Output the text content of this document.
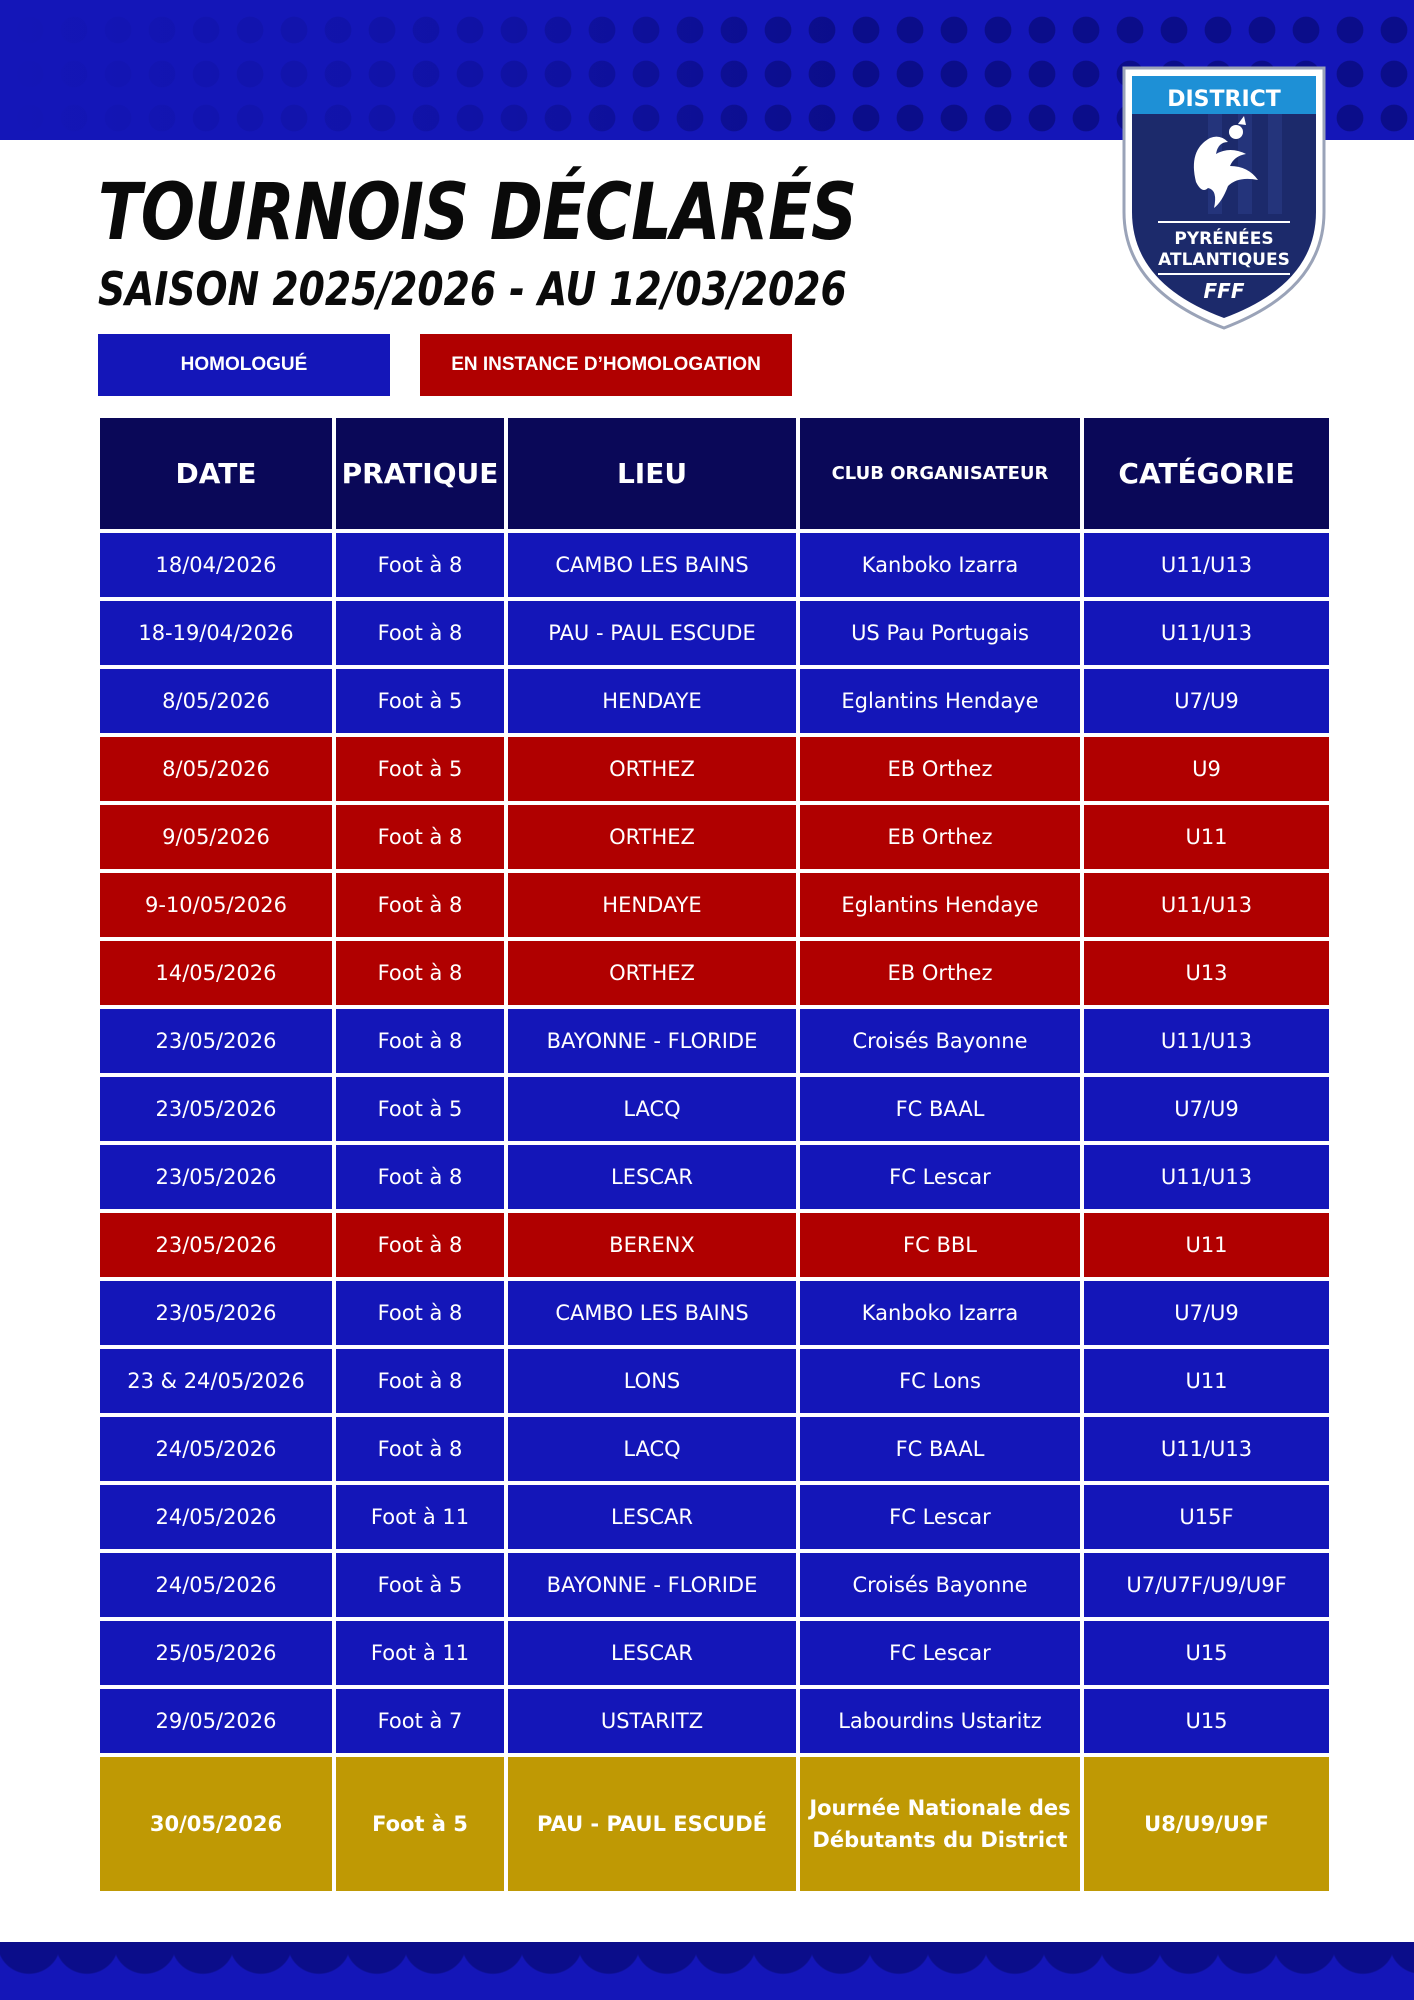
DISTRICT
PYRÉNÉES
ATLANTIQUES
FFF
TOURNOIS DÉCLARÉS
SAISON 2025/2026 - AU 12/03/2026
HOMOLOGUÉ	EN INSTANCE D’HOMOLOGATION
DATE	PRATIQUE	LIEU	CLUB ORGANISATEUR	CATÉGORIE
18/04/2026	Foot à 8	CAMBO LES BAINS	Kanboko Izarra	U11/U13
18-19/04/2026	Foot à 8	PAU - PAUL ESCUDE	US Pau Portugais	U11/U13
8/05/2026	Foot à 5	HENDAYE	Eglantins Hendaye	U7/U9
8/05/2026	Foot à 5	ORTHEZ	EB Orthez	U9
9/05/2026	Foot à 8	ORTHEZ	EB Orthez	U11
9-10/05/2026	Foot à 8	HENDAYE	Eglantins Hendaye	U11/U13
14/05/2026	Foot à 8	ORTHEZ	EB Orthez	U13
23/05/2026	Foot à 8	BAYONNE - FLORIDE	Croisés Bayonne	U11/U13
23/05/2026	Foot à 5	LACQ	FC BAAL	U7/U9
23/05/2026	Foot à 8	LESCAR	FC Lescar	U11/U13
23/05/2026	Foot à 8	BERENX	FC BBL	U11
23/05/2026	Foot à 8	CAMBO LES BAINS	Kanboko Izarra	U7/U9
23 & 24/05/2026	Foot à 8	LONS	FC Lons	U11
24/05/2026	Foot à 8	LACQ	FC BAAL	U11/U13
24/05/2026	Foot à 11	LESCAR	FC Lescar	U15F
24/05/2026	Foot à 5	BAYONNE - FLORIDE	Croisés Bayonne	U7/U7F/U9/U9F
25/05/2026	Foot à 11	LESCAR	FC Lescar	U15
29/05/2026	Foot à 7	USTARITZ	Labourdins Ustaritz	U15
30/05/2026	Foot à 5	PAU - PAUL ESCUDÉ	Journée Nationale des Débutants du District	U8/U9/U9F
